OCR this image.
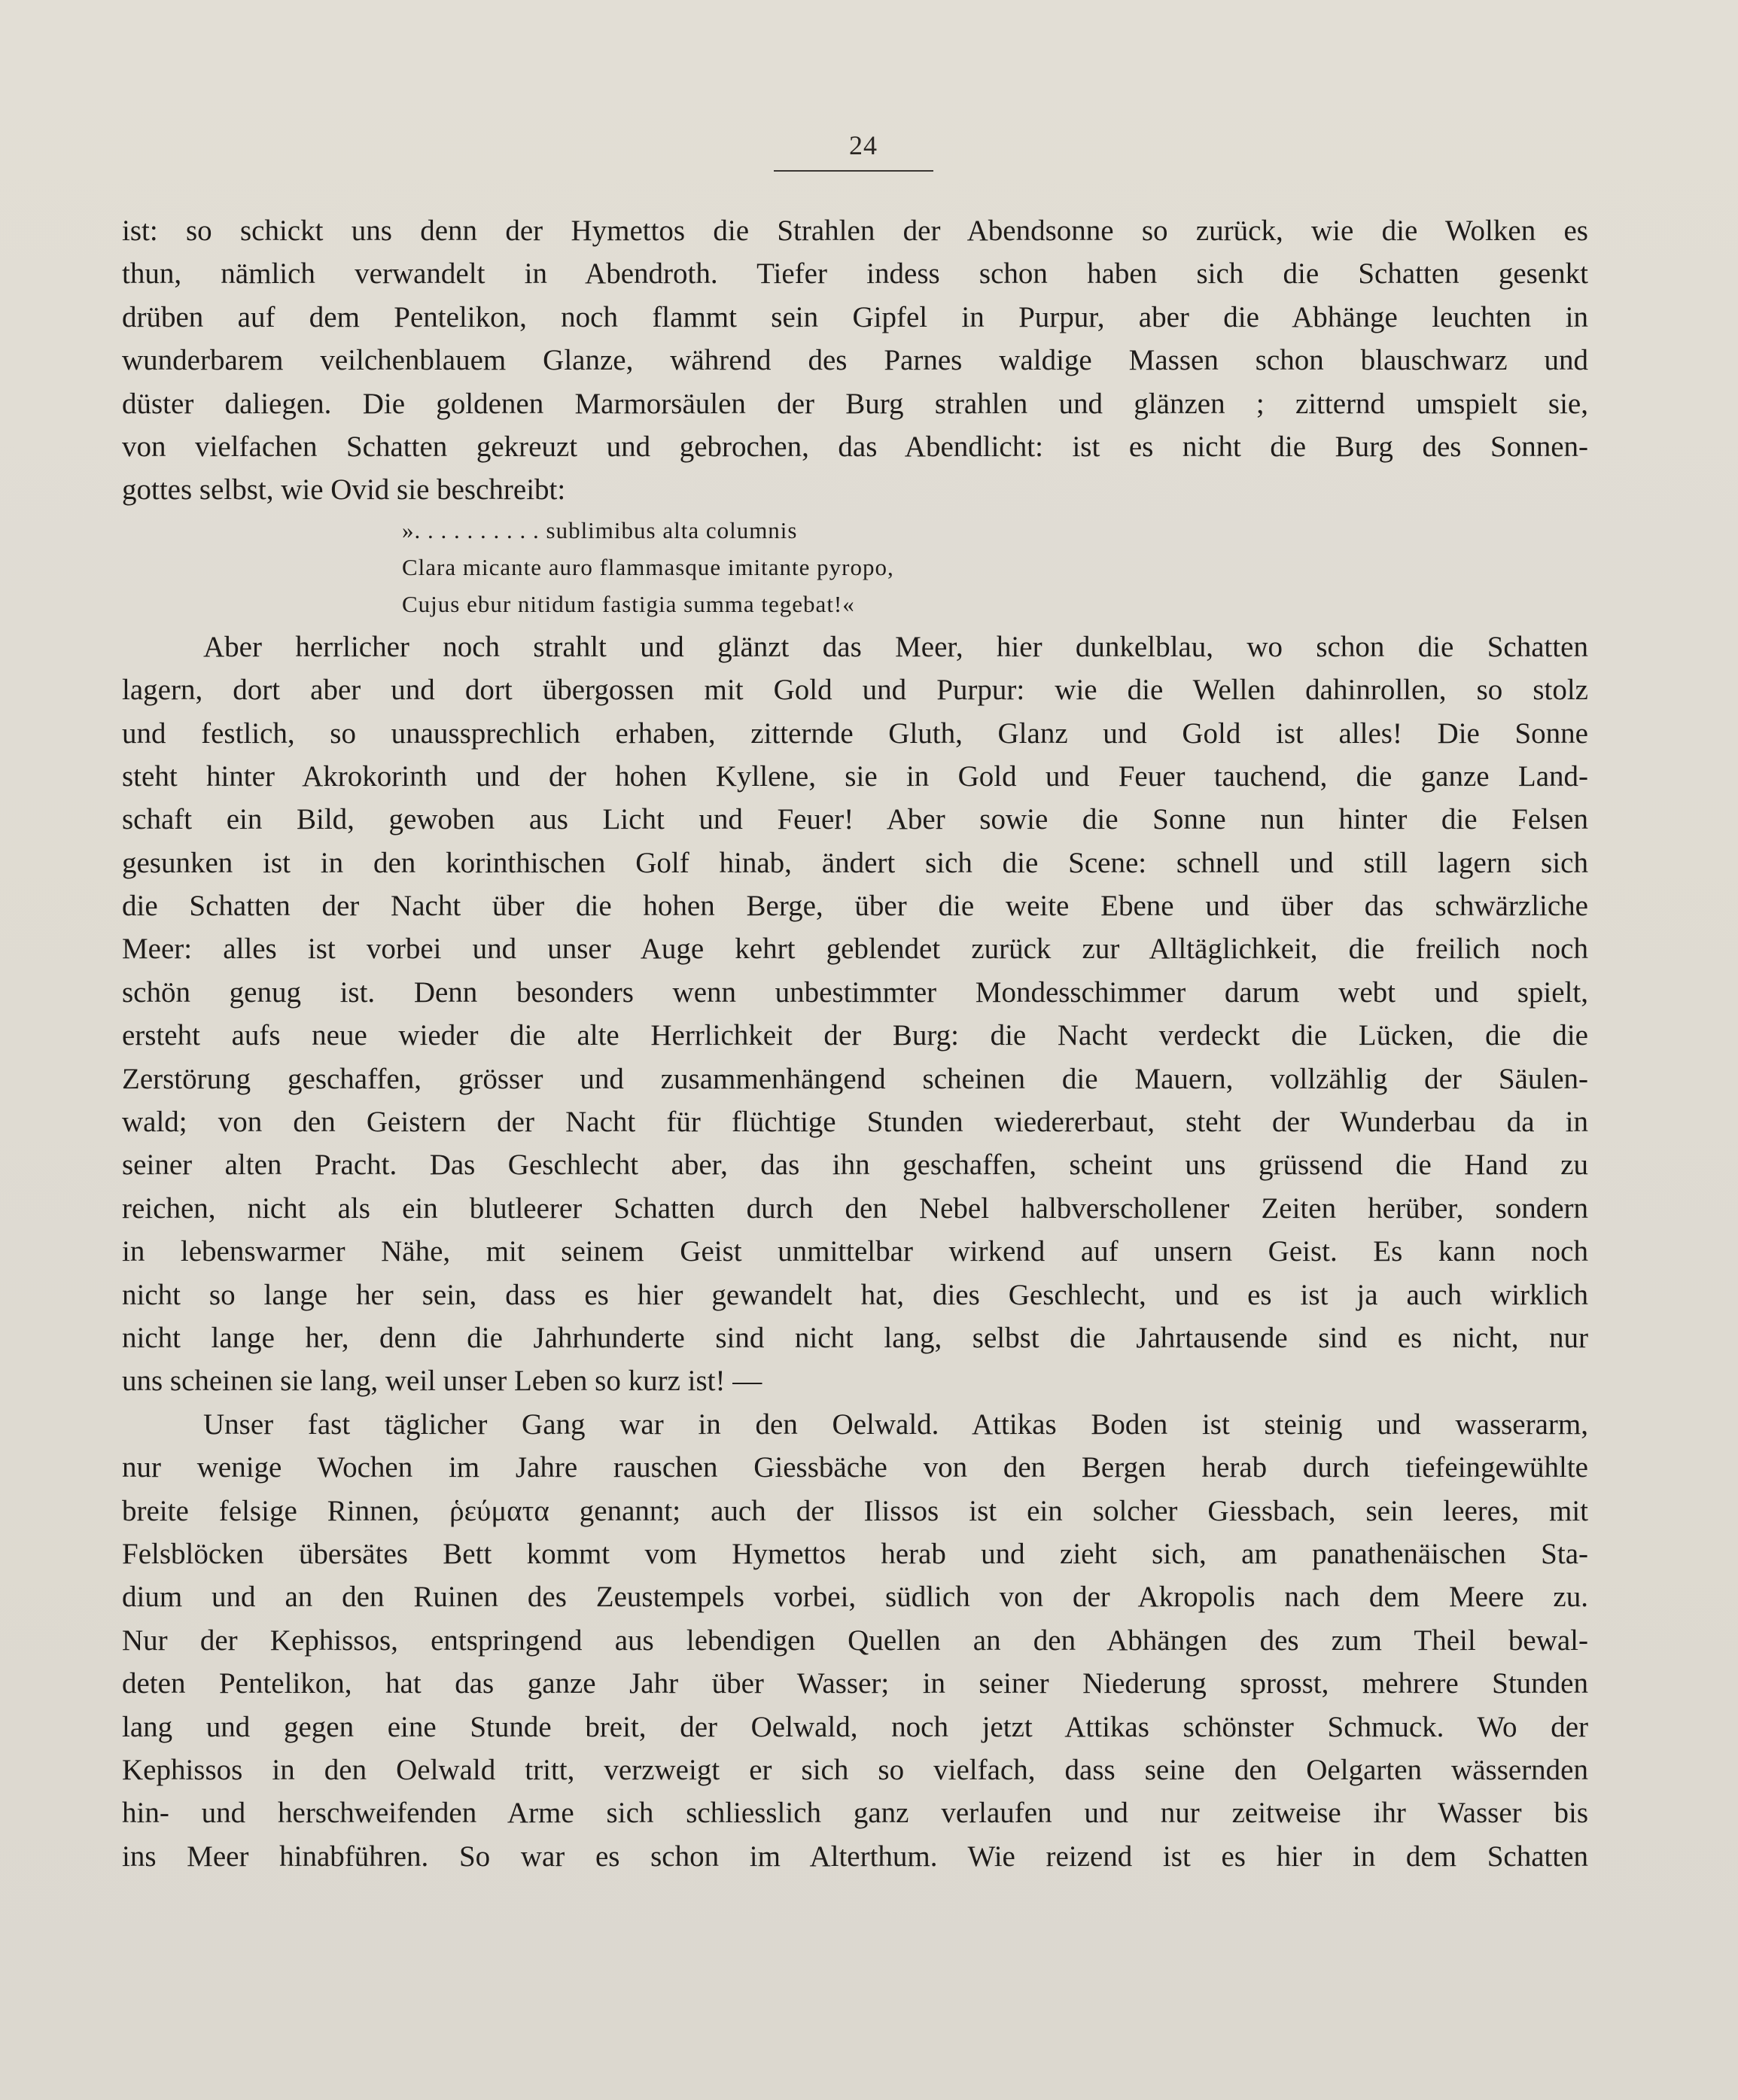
24
ist: so schickt uns denn der Hymettos die Strahlen der Abendsonne so zurück, wie die Wolken es
thun, nämlich verwandelt in Abendroth. Tiefer indess schon haben sich die Schatten gesenkt
drüben auf dem Pentelikon, noch flammt sein Gipfel in Purpur, aber die Abhänge leuchten in
wunderbarem veilchenblauem Glanze, während des Parnes waldige Massen schon blauschwarz und
düster daliegen. Die goldenen Marmorsäulen der Burg strahlen und glänzen ; zitternd umspielt sie,
von vielfachen Schatten gekreuzt und gebrochen, das Abendlicht: ist es nicht die Burg des Sonnen-
gottes selbst, wie Ovid sie beschreibt:
». . . . . . . . . . sublimibus alta columnis
Clara micante auro flammasque imitante pyropo,
Cujus ebur nitidum fastigia summa tegebat!«
Aber herrlicher noch strahlt und glänzt das Meer, hier dunkelblau, wo schon die Schatten
lagern, dort aber und dort übergossen mit Gold und Purpur: wie die Wellen dahinrollen, so stolz
und festlich, so unaussprechlich erhaben, zitternde Gluth, Glanz und Gold ist alles! Die Sonne
steht hinter Akrokorinth und der hohen Kyllene, sie in Gold und Feuer tauchend, die ganze Land-
schaft ein Bild, gewoben aus Licht und Feuer! Aber sowie die Sonne nun hinter die Felsen
gesunken ist in den korinthischen Golf hinab, ändert sich die Scene: schnell und still lagern sich
die Schatten der Nacht über die hohen Berge, über die weite Ebene und über das schwärzliche
Meer: alles ist vorbei und unser Auge kehrt geblendet zurück zur Alltäglichkeit, die freilich noch
schön genug ist. Denn besonders wenn unbestimmter Mondesschimmer darum webt und spielt,
ersteht aufs neue wieder die alte Herrlichkeit der Burg: die Nacht verdeckt die Lücken, die die
Zerstörung geschaffen, grösser und zusammenhängend scheinen die Mauern, vollzählig der Säulen-
wald; von den Geistern der Nacht für flüchtige Stunden wiedererbaut, steht der Wunderbau da in
seiner alten Pracht. Das Geschlecht aber, das ihn geschaffen, scheint uns grüssend die Hand zu
reichen, nicht als ein blutleerer Schatten durch den Nebel halbverschollener Zeiten herüber, sondern
in lebenswarmer Nähe, mit seinem Geist unmittelbar wirkend auf unsern Geist. Es kann noch
nicht so lange her sein, dass es hier gewandelt hat, dies Geschlecht, und es ist ja auch wirklich
nicht lange her, denn die Jahrhunderte sind nicht lang, selbst die Jahrtausende sind es nicht, nur
uns scheinen sie lang, weil unser Leben so kurz ist! —
Unser fast täglicher Gang war in den Oelwald. Attikas Boden ist steinig und wasserarm,
nur wenige Wochen im Jahre rauschen Giessbäche von den Bergen herab durch tiefeingewühlte
breite felsige Rinnen, ῥεύματα genannt; auch der Ilissos ist ein solcher Giessbach, sein leeres, mit
Felsblöcken übersätes Bett kommt vom Hymettos herab und zieht sich, am panathenäischen Sta-
dium und an den Ruinen des Zeustempels vorbei, südlich von der Akropolis nach dem Meere zu.
Nur der Kephissos, entspringend aus lebendigen Quellen an den Abhängen des zum Theil bewal-
deten Pentelikon, hat das ganze Jahr über Wasser; in seiner Niederung sprosst, mehrere Stunden
lang und gegen eine Stunde breit, der Oelwald, noch jetzt Attikas schönster Schmuck. Wo der
Kephissos in den Oelwald tritt, verzweigt er sich so vielfach, dass seine den Oelgarten wässernden
hin- und herschweifenden Arme sich schliesslich ganz verlaufen und nur zeitweise ihr Wasser bis
ins Meer hinabführen. So war es schon im Alterthum. Wie reizend ist es hier in dem Schatten
